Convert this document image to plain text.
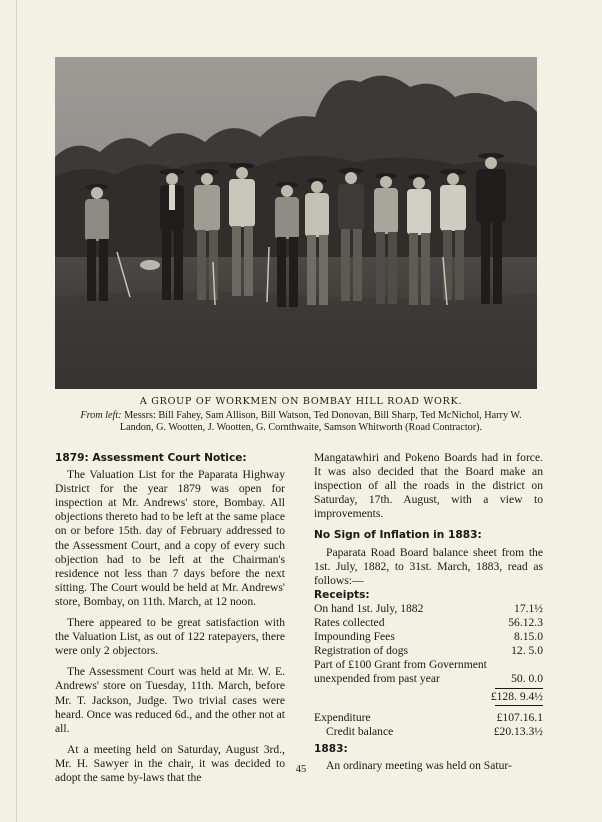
A GROUP OF WORKMEN ON BOMBAY HILL ROAD WORK.
From left: Messrs: Bill Fahey, Sam Allison, Bill Watson, Ted Donovan, Bill Sharp, Ted McNichol, Harry W. Landon, G. Wootten, J. Wootten, G. Cornthwaite, Samson Whitworth (Road Contractor).
1879: Assessment Court Notice:

The Valuation List for the Paparata Highway District for the year 1879 was open for inspection at Mr. Andrews' store, Bombay. All objections thereto had to be left at the same place on or before 15th. day of February addressed to the Assessment Court, and a copy of every such objection had to be left at the Chairman's residence not less than 7 days before the next sitting. The Court would be held at Mr. Andrews' store, Bombay, on 11th. March, at 12 noon.

There appeared to be great satisfaction with the Valuation List, as out of 122 ratepayers, there were only 2 objectors.

The Assessment Court was held at Mr. W. E. Andrews' store on Tuesday, 11th. March, before Mr. T. Jackson, Judge. Two trivial cases were heard. Once was reduced 6d., and the other not at all.

At a meeting held on Saturday, August 3rd., Mr. H. Sawyer in the chair, it was decided to adopt the same by-laws that the

Mangatawhiri and Pokeno Boards had in force. It was also decided that the Board make an inspection of all the roads in the district on Saturday, 17th. August, with a view to improvements.

No Sign of Inflation in 1883:

Paparata Road Board balance sheet from the 1st. July, 1882, to 31st. March, 1883, read as follows:—

Receipts:
On hand 1st. July, 1882	17.1½
Rates collected	56.12.3
Impounding Fees	8.15.0
Registration of dogs	12. 5.0
Part of £100 Grant from Government
unexpended from past year	50. 0.0
£128. 9.4½
Expenditure	£107.16.1
Credit balance	£20.13.3½
1883:

An ordinary meeting was held on Satur-

45
